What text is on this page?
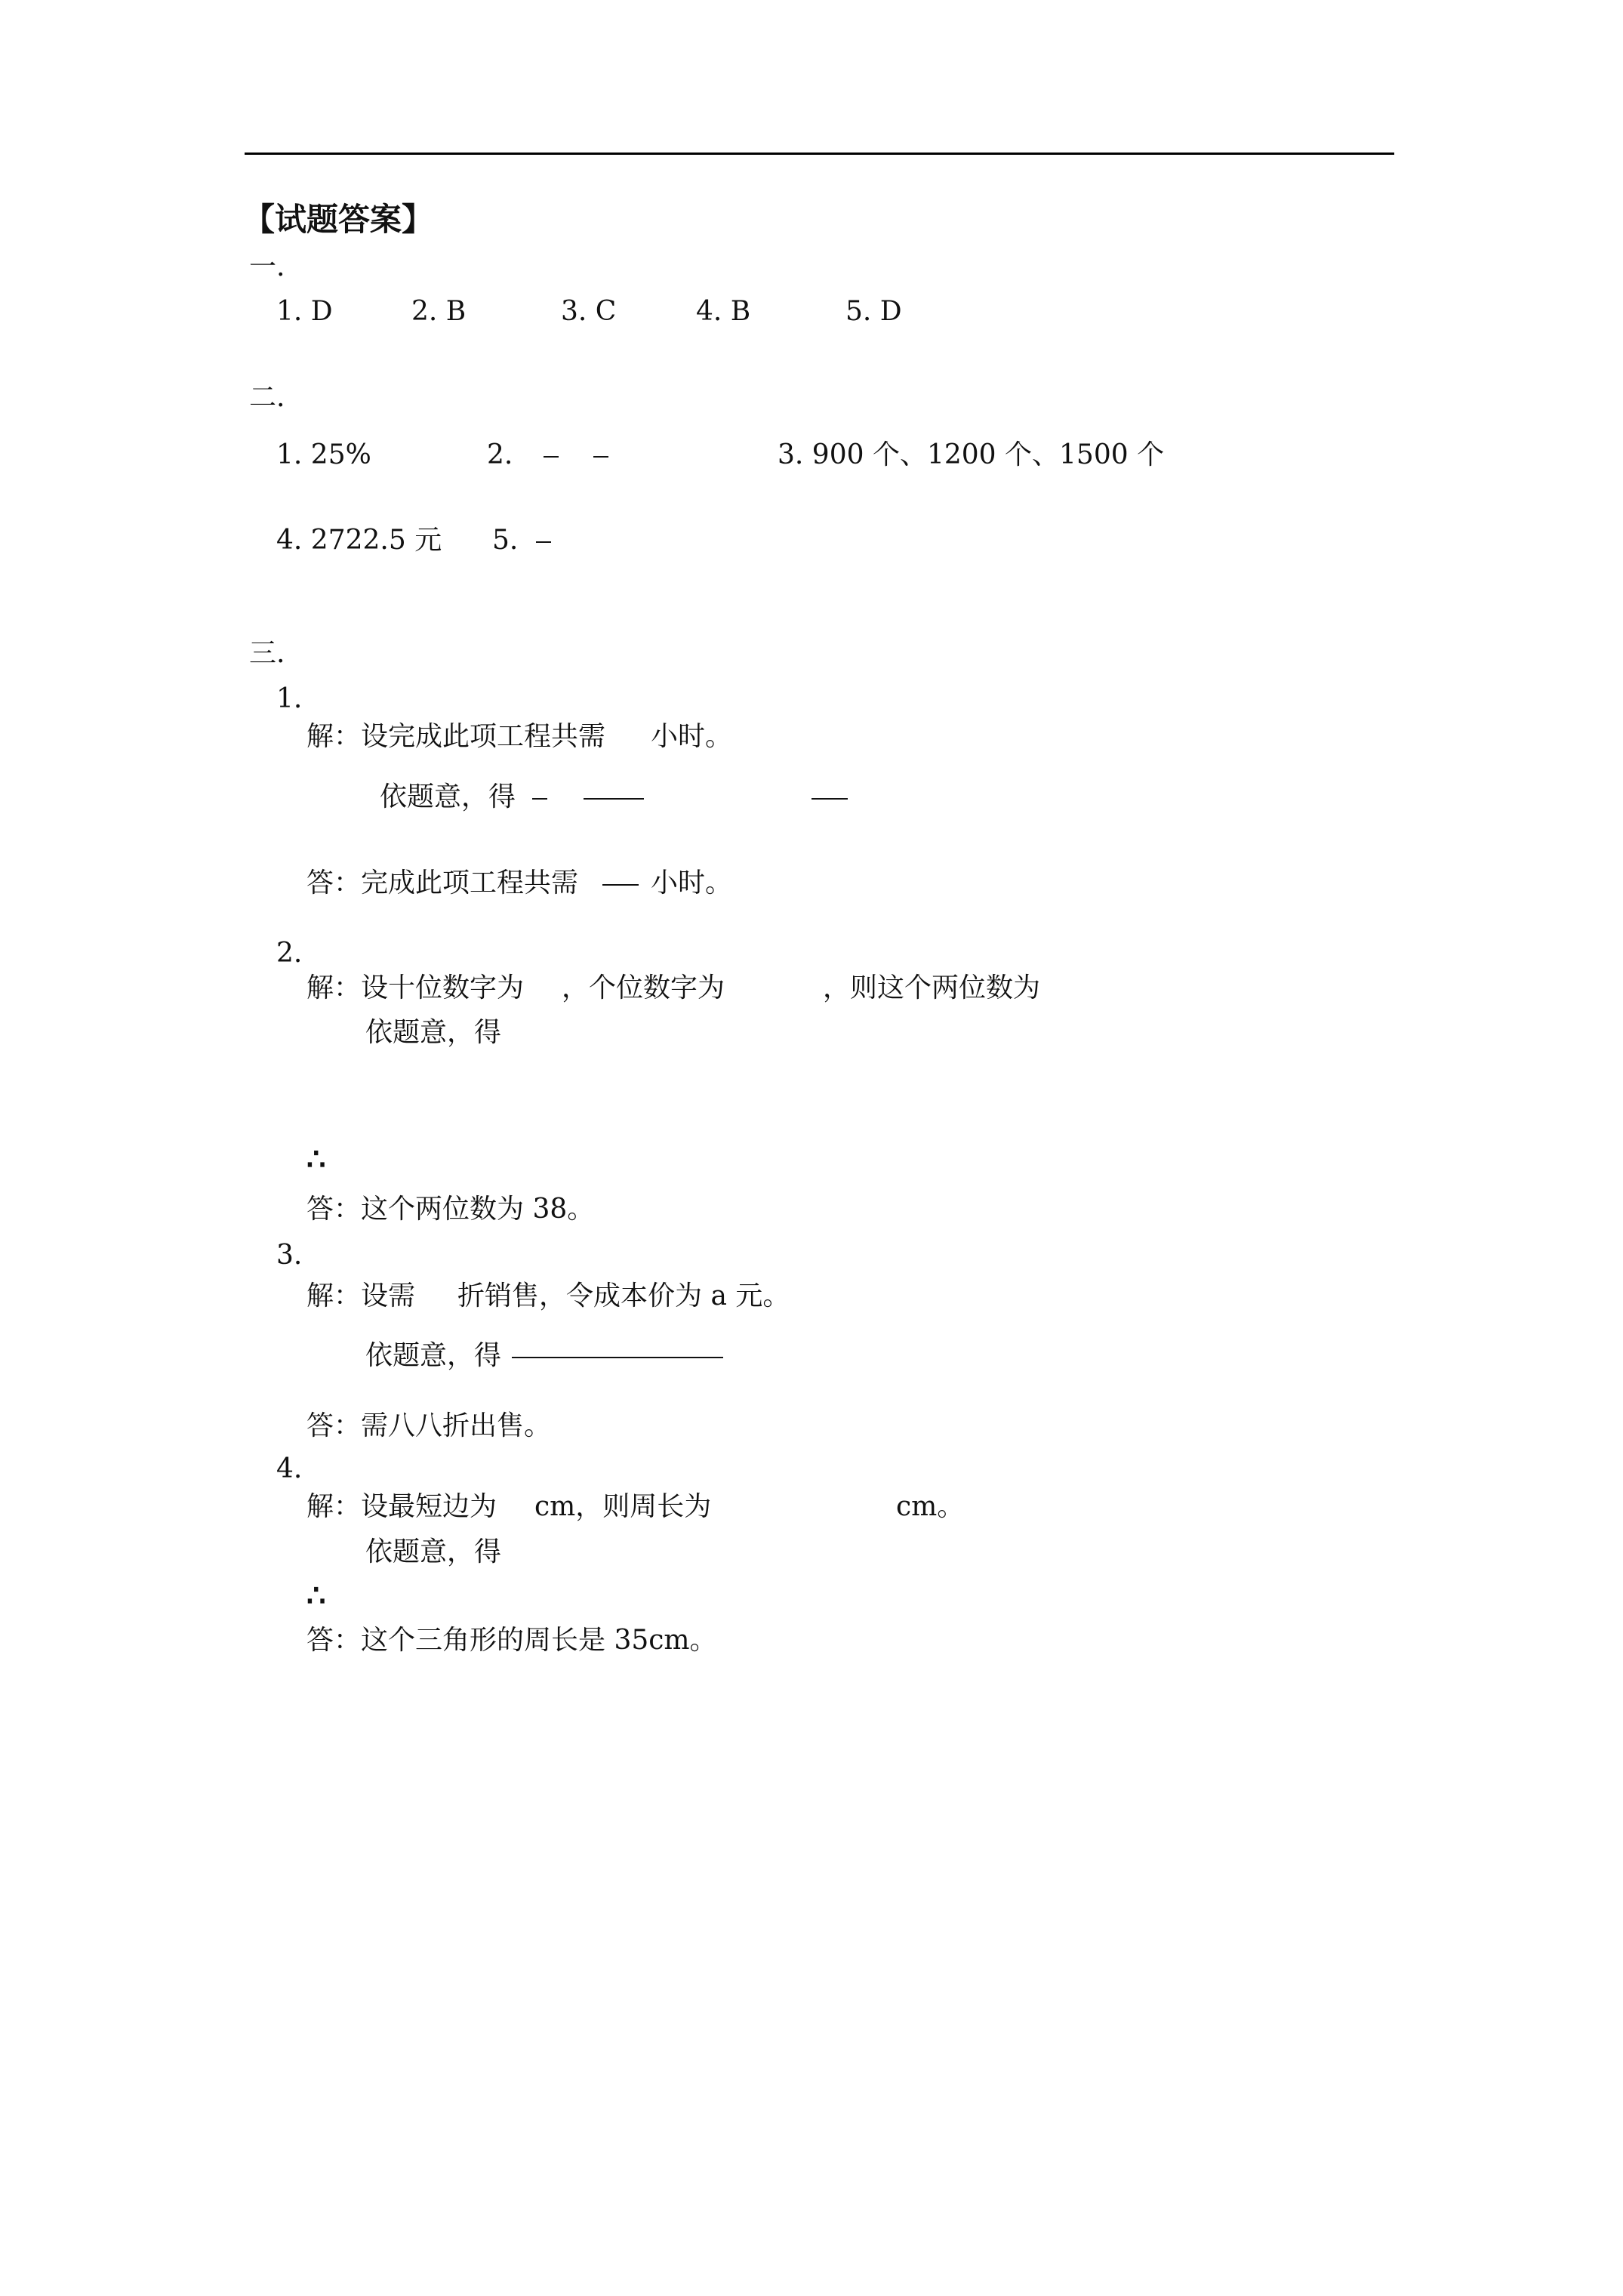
【试题答案】
一.
1. D	2. B	3. C	4. B	5. D
二.
1. 25%	2.	3. 900 个、1200 个、1500 个
4. 2722.5 元 5.
三.
1.
解：设完成此项工程共需 小时。
依题意，得
答：完成此项工程共需	小时。
2.
解：设十位数字为 ，个位数字为	，则这个两位数为
依题意，得
∴
答：这个两位数为 38。
3.
解：设需 折销售，令成本价为 a 元。
依题意，得
答：需八八折出售。
4.
解：设最短边为 cm，则周长为	cm。
依题意，得
∴
答：这个三角形的周长是 35cm。
